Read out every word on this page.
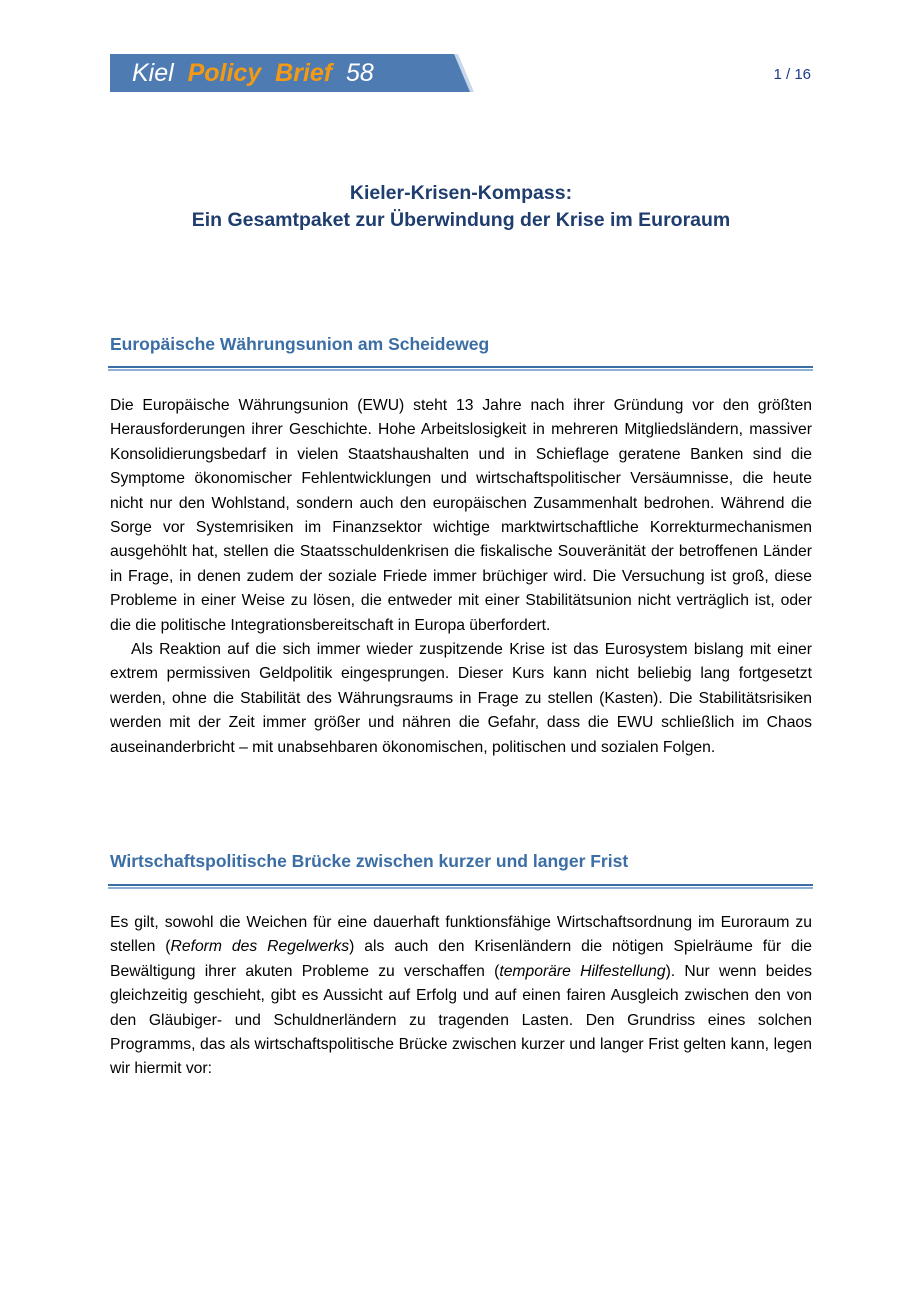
Kiel Policy Brief 58	1 / 16
Kieler-Krisen-Kompass:
Ein Gesamtpaket zur Überwindung der Krise im Euroraum
Europäische Währungsunion am Scheideweg

Die Europäische Währungsunion (EWU) steht 13 Jahre nach ihrer Gründung vor den größten Herausforderungen ihrer Geschichte. Hohe Arbeitslosigkeit in mehreren Mitgliedsländern, massiver Konsolidierungsbedarf in vielen Staatshaushalten und in Schieflage geratene Banken sind die Symptome ökonomischer Fehlentwicklungen und wirtschaftspolitischer Versäumnisse, die heute nicht nur den Wohlstand, sondern auch den europäischen Zusammenhalt bedrohen. Während die Sorge vor Systemrisiken im Finanzsektor wichtige marktwirtschaftliche Korrekturmechanismen ausgehöhlt hat, stellen die Staatsschuldenkrisen die fiskalische Souveränität der betroffenen Länder in Frage, in denen zudem der soziale Friede immer brüchiger wird. Die Versuchung ist groß, diese Probleme in einer Weise zu lösen, die entweder mit einer Stabilitätsunion nicht verträglich ist, oder die die politische Integrationsbereitschaft in Europa überfordert.

Als Reaktion auf die sich immer wieder zuspitzende Krise ist das Eurosystem bislang mit einer extrem permissiven Geldpolitik eingesprungen. Dieser Kurs kann nicht beliebig lang fortgesetzt werden, ohne die Stabilität des Währungsraums in Frage zu stellen (Kasten). Die Stabilitätsrisiken werden mit der Zeit immer größer und nähren die Gefahr, dass die EWU schließlich im Chaos auseinanderbricht – mit unabsehbaren ökonomischen, politischen und sozialen Folgen.

Wirtschaftspolitische Brücke zwischen kurzer und langer Frist

Es gilt, sowohl die Weichen für eine dauerhaft funktionsfähige Wirtschaftsordnung im Euroraum zu stellen (Reform des Regelwerks) als auch den Krisenländern die nötigen Spielräume für die Bewältigung ihrer akuten Probleme zu verschaffen (temporäre Hilfestellung). Nur wenn beides gleichzeitig geschieht, gibt es Aussicht auf Erfolg und auf einen fairen Ausgleich zwischen den von den Gläubiger- und Schuldnerländern zu tragenden Lasten. Den Grundriss eines solchen Programms, das als wirtschaftspolitische Brücke zwischen kurzer und langer Frist gelten kann, legen wir hiermit vor:
